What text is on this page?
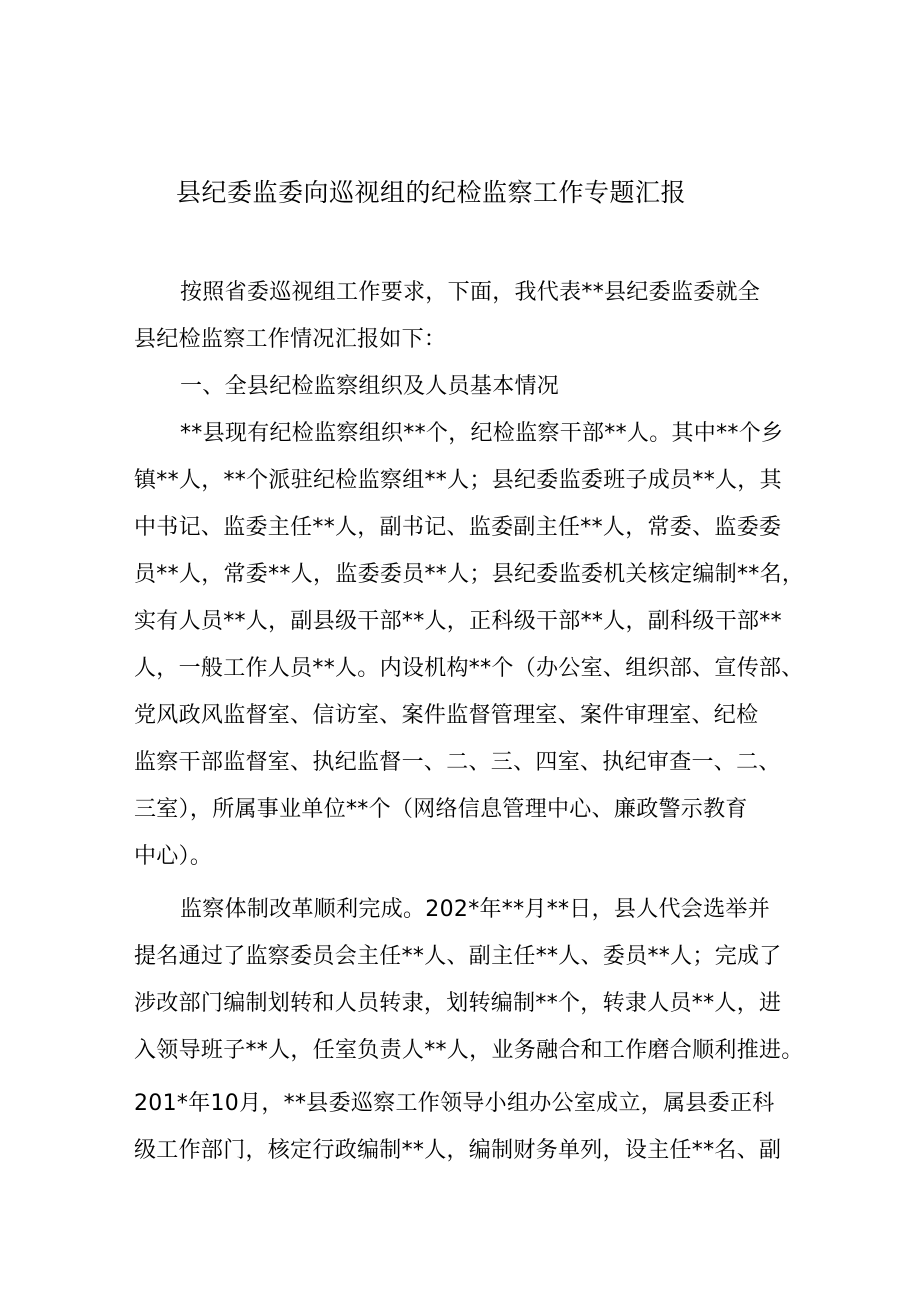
县纪委监委向巡视组的纪检监察工作专题汇报
按照省委巡视组工作要求，下面，我代表**县纪委监委就全
县纪检监察工作情况汇报如下：
一、全县纪检监察组织及人员基本情况
**县现有纪检监察组织**个，纪检监察干部**人。其中**个乡
镇**人，**个派驻纪检监察组**人；县纪委监委班子成员**人，其
中书记、监委主任**人，副书记、监委副主任**人，常委、监委委
员**人，常委**人，监委委员**人；县纪委监委机关核定编制**名，
实有人员**人，副县级干部**人，正科级干部**人，副科级干部**
人，一般工作人员**人。内设机构**个（办公室、组织部、宣传部、
党风政风监督室、信访室、案件监督管理室、案件审理室、纪检
监察干部监督室、执纪监督一、二、三、四室、执纪审查一、二、
三室），所属事业单位**个（网络信息管理中心、廉政警示教育
中心）。
监察体制改革顺利完成。202*年**月**日，县人代会选举并
提名通过了监察委员会主任**人、副主任**人、委员**人；完成了
涉改部门编制划转和人员转隶，划转编制**个，转隶人员**人，进
入领导班子**人，任室负责人**人，业务融合和工作磨合顺利推进。
201*年10月，**县委巡察工作领导小组办公室成立，属县委正科
级工作部门，核定行政编制**人，编制财务单列，设主任**名、副
